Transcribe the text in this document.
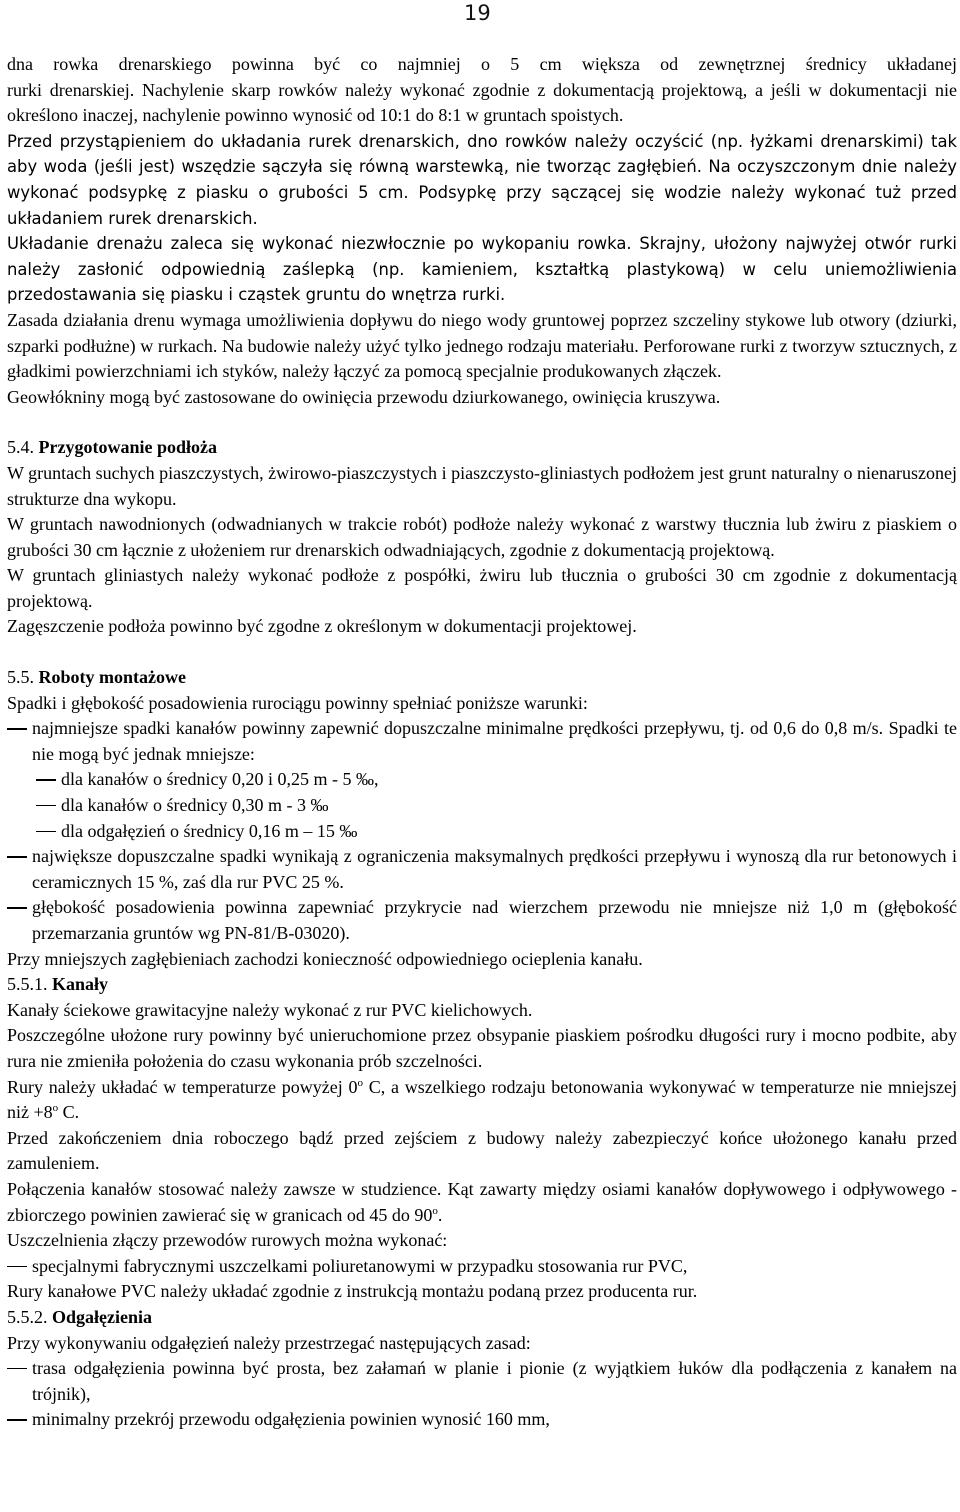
19

dna rowka drenarskiego powinna być co najmniej o 5 cm większa od zewnętrznej średnicy układanej

rurki drenarskiej. Nachylenie skarp rowków należy wykonać zgodnie z dokumentacją projektową, a jeśli w dokumentacji nie określono inaczej, nachylenie powinno wynosić od 10:1 do 8:1 w gruntach spoistych.

Przed przystąpieniem do układania rurek drenarskich, dno rowków należy oczyścić (np. łyżkami drenarskimi) tak aby woda (jeśli jest) wszędzie sączyła się równą warstewką, nie tworząc zagłębień. Na oczyszczonym dnie należy wykonać podsypkę z piasku o grubości 5 cm. Podsypkę przy sączącej się wodzie należy wykonać tuż przed układaniem rurek drenarskich.

Układanie drenażu zaleca się wykonać niezwłocznie po wykopaniu rowka. Skrajny, ułożony najwyżej otwór rurki należy zasłonić odpowiednią zaślepką (np. kamieniem, kształtką plastykową) w celu uniemożliwienia przedostawania się piasku i cząstek gruntu do wnętrza rurki.

Zasada działania drenu wymaga umożliwienia dopływu do niego wody gruntowej poprzez szczeliny stykowe lub otwory (dziurki, szparki podłużne) w rurkach. Na budowie należy użyć tylko jednego rodzaju materiału. Perforowane rurki z tworzyw sztucznych, z gładkimi powierzchniami ich styków, należy łączyć za pomocą specjalnie produkowanych złączek.

Geowłókniny mogą być zastosowane do owinięcia przewodu dziurkowanego, owinięcia kruszywa.

5.4. Przygotowanie podłoża

W gruntach suchych piaszczystych, żwirowo-piaszczystych i piaszczysto-gliniastych podłożem jest grunt naturalny o nienaruszonej strukturze dna wykopu.

W gruntach nawodnionych (odwadnianych w trakcie robót) podłoże należy wykonać z warstwy tłucznia lub żwiru z piaskiem o grubości 30 cm łącznie z ułożeniem rur drenarskich odwadniających, zgodnie z dokumentacją projektową.

W gruntach gliniastych należy wykonać podłoże z pospółki, żwiru lub tłucznia o grubości 30 cm zgodnie z dokumentacją projektową.

Zagęszczenie podłoża powinno być zgodne z określonym w dokumentacji projektowej.

5.5. Roboty montażowe

Spadki i głębokość posadowienia rurociągu powinny spełniać poniższe warunki:

najmniejsze spadki kanałów powinny zapewnić dopuszczalne minimalne prędkości przepływu, tj. od 0,6 do 0,8 m/s. Spadki te nie mogą być jednak mniejsze:
dla kanałów o średnicy 0,20 i 0,25 m - 5 ‰,
dla kanałów o średnicy 0,30 m - 3 ‰
dla odgałęzień o średnicy 0,16 m – 15 ‰
największe dopuszczalne spadki wynikają z ograniczenia maksymalnych prędkości przepływu i wynoszą dla rur betonowych i ceramicznych 15 %, zaś dla rur PVC 25 %.
głębokość posadowienia powinna zapewniać przykrycie nad wierzchem przewodu nie mniejsze niż 1,0 m (głębokość przemarzania gruntów wg PN-81/B-03020).

Przy mniejszych zagłębieniach zachodzi konieczność odpowiedniego ocieplenia kanału.

5.5.1. Kanały

Kanały ściekowe grawitacyjne należy wykonać z rur PVC kielichowych.

Poszczególne ułożone rury powinny być unieruchomione przez obsypanie piaskiem pośrodku długości rury i mocno podbite, aby rura nie zmieniła położenia do czasu wykonania prób szczelności.

Rury należy układać w temperaturze powyżej 0$^o$ C, a wszelkiego rodzaju betonowania wykonywać w temperaturze nie mniejszej niż $+8^o$ C.

Przed zakończeniem dnia roboczego bądź przed zejściem z budowy należy zabezpieczyć końce ułożonego kanału przed zamuleniem.

Połączenia kanałów stosować należy zawsze w studzience. Kąt zawarty między osiami kanałów dopływowego i odpływowego - zbiorczego powinien zawierać się w granicach od 45 do 90$^o$.

Uszczelnienia złączy przewodów rurowych można wykonać:

specjalnymi fabrycznymi uszczelkami poliuretanowymi w przypadku stosowania rur PVC,

Rury kanałowe PVC należy układać zgodnie z instrukcją montażu podaną przez producenta rur.

5.5.2. Odgałęzienia

Przy wykonywaniu odgałęzień należy przestrzegać następujących zasad:

trasa odgałęzienia powinna być prosta, bez załamań w planie i pionie (z wyjątkiem łuków dla podłączenia z kanałem na trójnik),
minimalny przekrój przewodu odgałęzienia powinien wynosić 160 mm,
